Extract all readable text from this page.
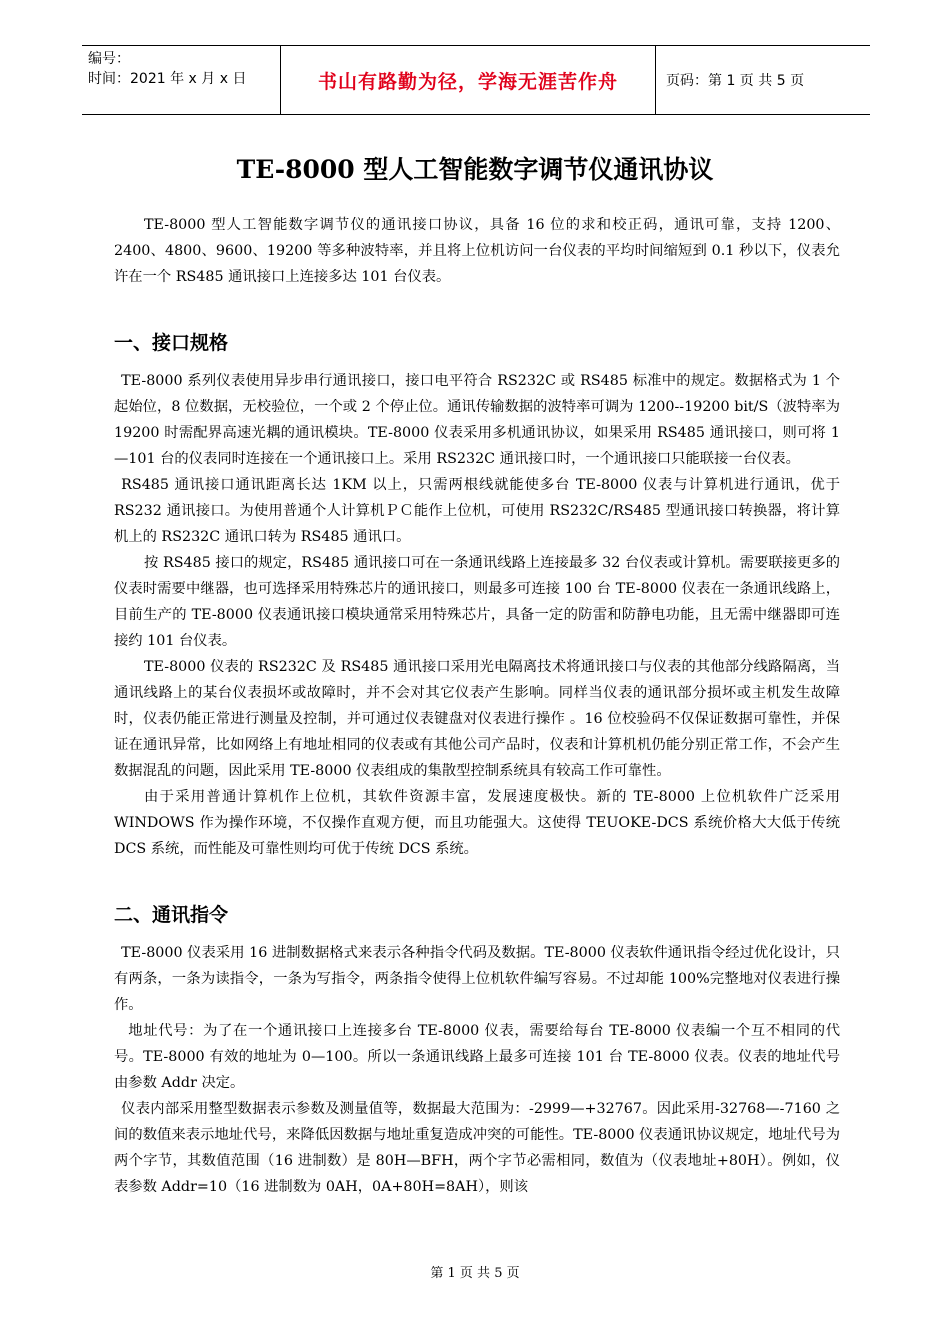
编号：
时间：2021 年 x 月 x 日	书山有路勤为径，学海无涯苦作舟	页码：第 1 页 共 5 页
TE-8000 型人工智能数字调节仪通讯协议

TE-8000 型人工智能数字调节仪的通讯接口协议，具备 16 位的求和校正码，通讯可靠，支持 1200、2400、4800、9600、19200 等多种波特率，并且将上位机访问一台仪表的平均时间缩短到 0.1 秒以下，仪表允许在一个 RS485 通讯接口上连接多达 101 台仪表。

一、接口规格

TE-8000 系列仪表使用异步串行通讯接口，接口电平符合 RS232C 或 RS485 标准中的规定。数据格式为 1 个起始位，8 位数据，无校验位，一个或 2 个停止位。通讯传输数据的波特率可调为 1200--19200 bit/S（波特率为 19200 时需配界高速光耦的通讯模块。TE-8000 仪表采用多机通讯协议，如果采用 RS485 通讯接口，则可将 1—101 台的仪表同时连接在一个通讯接口上。采用 RS232C 通讯接口时，一个通讯接口只能联接一台仪表。

RS485 通讯接口通讯距离长达 1KM 以上，只需两根线就能使多台 TE-8000 仪表与计算机进行通讯，优于 RS232 通讯接口。为使用普通个人计算机ＰＣ能作上位机，可使用 RS232C/RS485 型通讯接口转换器，将计算机上的 RS232C 通讯口转为 RS485 通讯口。

按 RS485 接口的规定，RS485 通讯接口可在一条通讯线路上连接最多 32 台仪表或计算机。需要联接更多的仪表时需要中继器，也可选择采用特殊芯片的通讯接口，则最多可连接 100 台 TE-8000 仪表在一条通讯线路上，目前生产的 TE-8000 仪表通讯接口模块通常采用特殊芯片，具备一定的防雷和防静电功能，且无需中继器即可连接约 101 台仪表。

TE-8000 仪表的 RS232C 及 RS485 通讯接口采用光电隔离技术将通讯接口与仪表的其他部分线路隔离，当通讯线路上的某台仪表损坏或故障时，并不会对其它仪表产生影响。同样当仪表的通讯部分损坏或主机发生故障时，仪表仍能正常进行测量及控制，并可通过仪表键盘对仪表进行操作 。16 位校验码不仅保证数据可靠性，并保证在通讯异常，比如网络上有地址相同的仪表或有其他公司产品时，仪表和计算机机仍能分别正常工作，不会产生数据混乱的问题，因此采用 TE-8000 仪表组成的集散型控制系统具有较高工作可靠性。

由于采用普通计算机作上位机，其软件资源丰富，发展速度极快。新的 TE-8000 上位机软件广泛采用 WINDOWS 作为操作环境，不仅操作直观方便，而且功能强大。这使得 TEUOKE-DCS 系统价格大大低于传统 DCS 系统，而性能及可靠性则均可优于传统 DCS 系统。

二、通讯指令

TE-8000 仪表采用 16 进制数据格式来表示各种指令代码及数据。TE-8000 仪表软件通讯指令经过优化设计，只有两条，一条为读指令，一条为写指令，两条指令使得上位机软件编写容易。不过却能 100%完整地对仪表进行操作。

地址代号：为了在一个通讯接口上连接多台 TE-8000 仪表，需要给每台 TE-8000 仪表编一个互不相同的代号。TE-8000 有效的地址为 0—100。所以一条通讯线路上最多可连接 101 台 TE-8000 仪表。仪表的地址代号由参数 Addr 决定。

仪表内部采用整型数据表示参数及测量值等，数据最大范围为：-2999—+32767。因此采用-32768—-7160 之间的数值来表示地址代号，来降低因数据与地址重复造成冲突的可能性。TE-8000 仪表通讯协议规定，地址代号为两个字节，其数值范围（16 进制数）是 80H—BFH，两个字节必需相同，数值为（仪表地址+80H）。例如，仪表参数 Addr=10（16 进制数为 0AH，0A+80H=8AH），则该

第 1 页 共 5 页
